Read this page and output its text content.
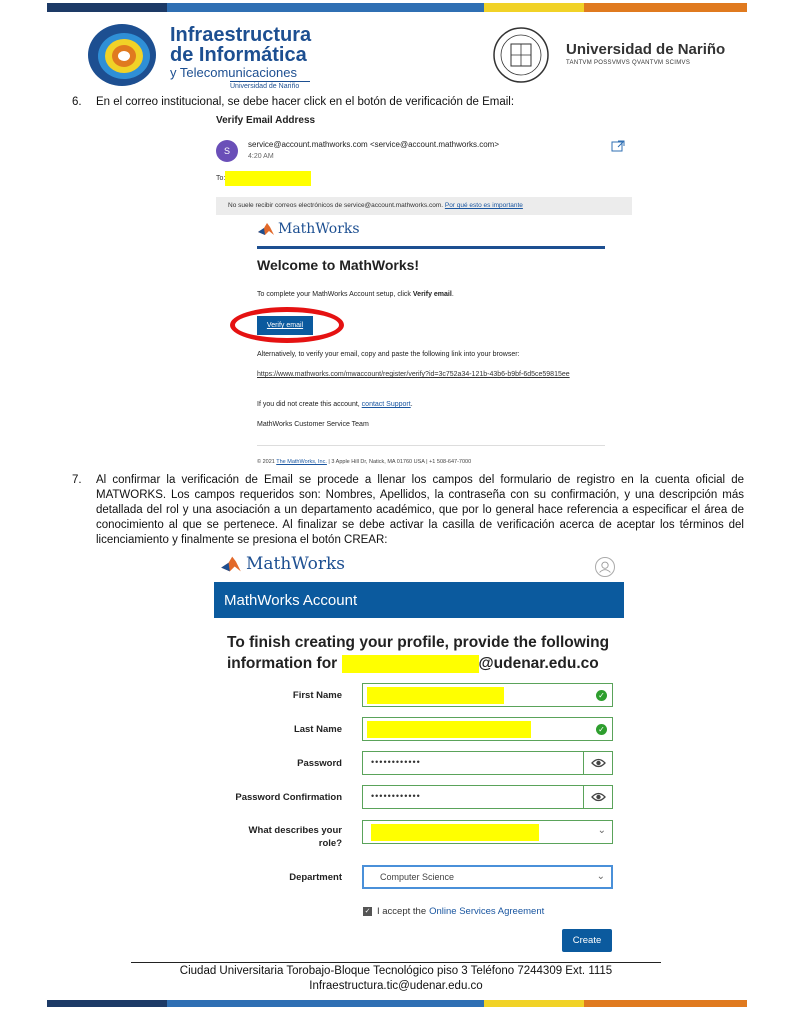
Infraestructura
de Informática
y Telecomunicaciones
Universidad de Nariño
Universidad de Nariño
TANTVM POSSVMVS QVANTVM SCIMVS
6. En el correo institucional, se debe hacer click en el botón de verificación de Email:
Verify Email Address
S
service@account.mathworks.com <service@account.mathworks.com>
4:20 AM
To:
No suele recibir correos electrónicos de service@account.mathworks.com. Por qué esto es importante
MathWorks
Welcome to MathWorks!
To complete your MathWorks Account setup, click Verify email.
Verify email
Alternatively, to verify your email, copy and paste the following link into your browser:
https://www.mathworks.com/mwaccount/register/verify?id=3c752a34-121b-43b6-b9bf-6d5ce59815ee
If you did not create this account, contact Support.
MathWorks Customer Service Team
© 2021 The MathWorks, Inc. | 3 Apple Hill Dr, Natick, MA 01760 USA | +1 508-647-7000
7. Al confirmar la verificación de Email se procede a llenar los campos del formulario de registro en la cuenta oficial de MATWORKS. Los campos requeridos son: Nombres, Apellidos, la contraseña con su confirmación, y una descripción más detallada del rol y una asociación a un departamento académico, que por lo general hace referencia a especificar el área de conocimiento al que se pertenece. Al finalizar se debe activar la casilla de verificación acerca de aceptar los términos del licenciamiento y finalmente se presiona el botón CREAR:
MathWorks
MathWorks Account
To finish creating your profile, provide the following
information for	@udenar.edu.co
First Name	✓
Last Name	✓
Password	••••••••••••
Password Confirmation	••••••••••••
What describes your
role?
⌄
Department	Computer Science	⌄
✓ I accept the Online Services Agreement
Create
Ciudad Universitaria Torobajo-Bloque Tecnológico piso 3 Teléfono 7244309 Ext. 1115
Infraestructura.tic@udenar.edu.co
